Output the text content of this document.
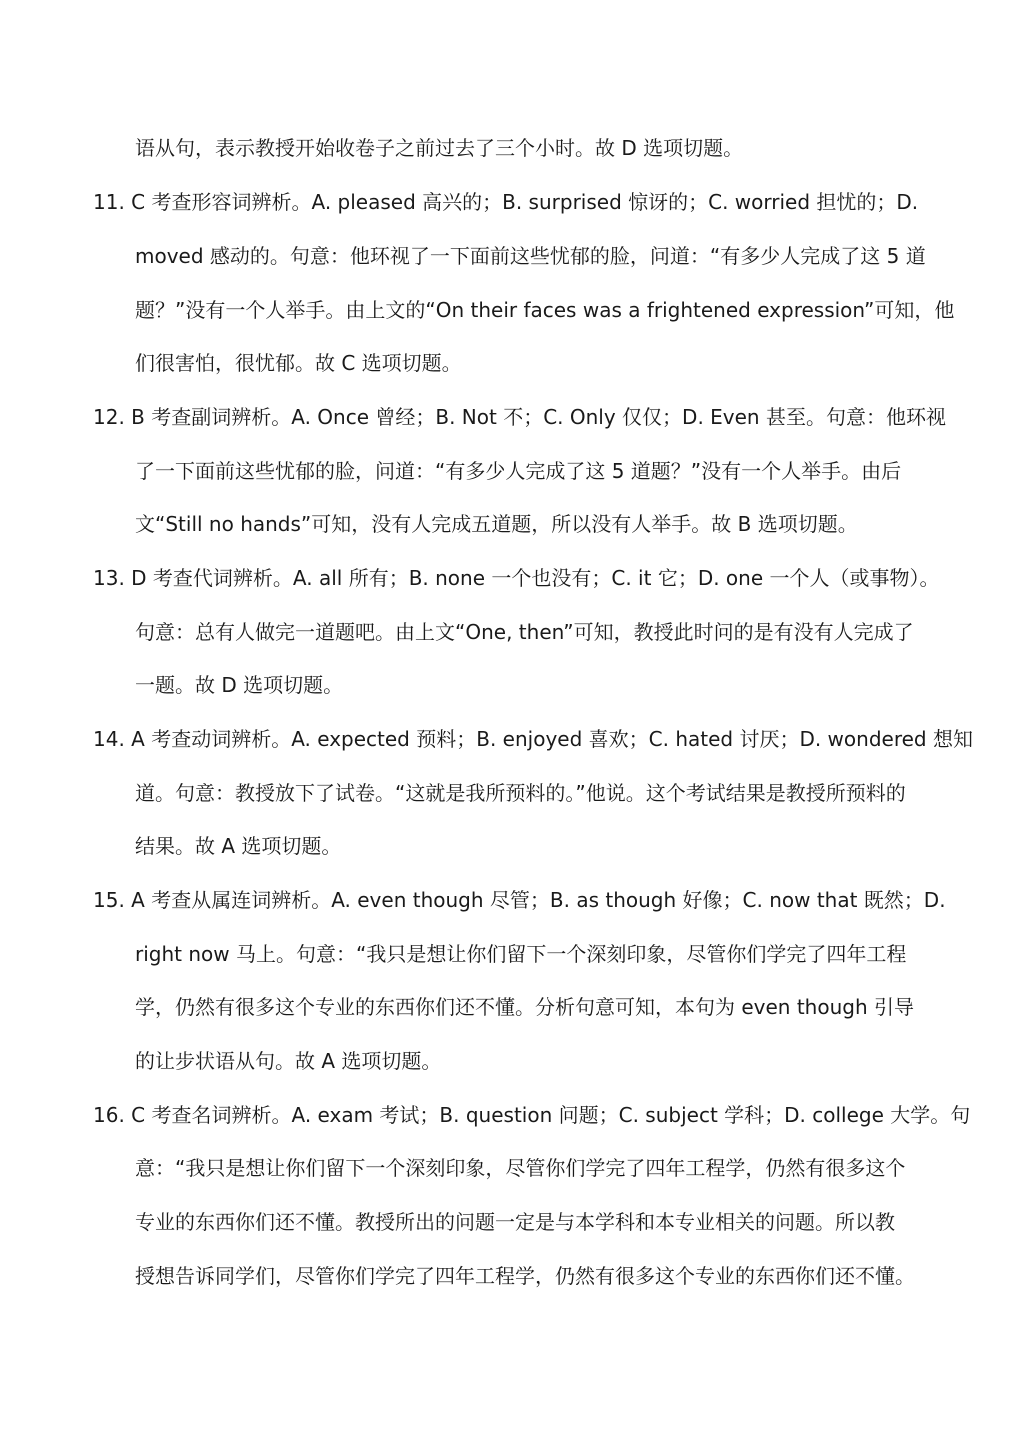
语从句，表示教授开始收卷子之前过去了三个小时。故 D 选项切题。
11. C 考查形容词辨析。A. pleased 高兴的；B. surprised 惊讶的；C. worried 担忧的；D.
moved 感动的。句意：他环视了一下面前这些忧郁的脸，问道：“有多少人完成了这 5 道
题？”没有一个人举手。由上文的“On their faces was a frightened expression”可知，他
们很害怕，很忧郁。故 C 选项切题。
12. B 考查副词辨析。A. Once 曾经；B. Not 不；C. Only 仅仅；D. Even 甚至。句意：他环视
了一下面前这些忧郁的脸，问道：“有多少人完成了这 5 道题？”没有一个人举手。由后
文“Still no hands”可知，没有人完成五道题，所以没有人举手。故 B 选项切题。
13. D 考查代词辨析。A. all 所有；B. none 一个也没有；C. it 它；D. one 一个人（或事物）。
句意：总有人做完一道题吧。由上文“One, then”可知，教授此时问的是有没有人完成了
一题。故 D 选项切题。
14. A 考查动词辨析。A. expected 预料；B. enjoyed 喜欢；C. hated 讨厌；D. wondered 想知
道。句意：教授放下了试卷。“这就是我所预料的。”他说。这个考试结果是教授所预料的
结果。故 A 选项切题。
15. A 考查从属连词辨析。A. even though 尽管；B. as though 好像；C. now that 既然；D.
right now 马上。句意：“我只是想让你们留下一个深刻印象，尽管你们学完了四年工程
学，仍然有很多这个专业的东西你们还不懂。分析句意可知，本句为 even though 引导
的让步状语从句。故 A 选项切题。
16. C 考查名词辨析。A. exam 考试；B. question 问题；C. subject 学科；D. college 大学。句
意：“我只是想让你们留下一个深刻印象，尽管你们学完了四年工程学，仍然有很多这个
专业的东西你们还不懂。教授所出的问题一定是与本学科和本专业相关的问题。所以教
授想告诉同学们，尽管你们学完了四年工程学，仍然有很多这个专业的东西你们还不懂。
